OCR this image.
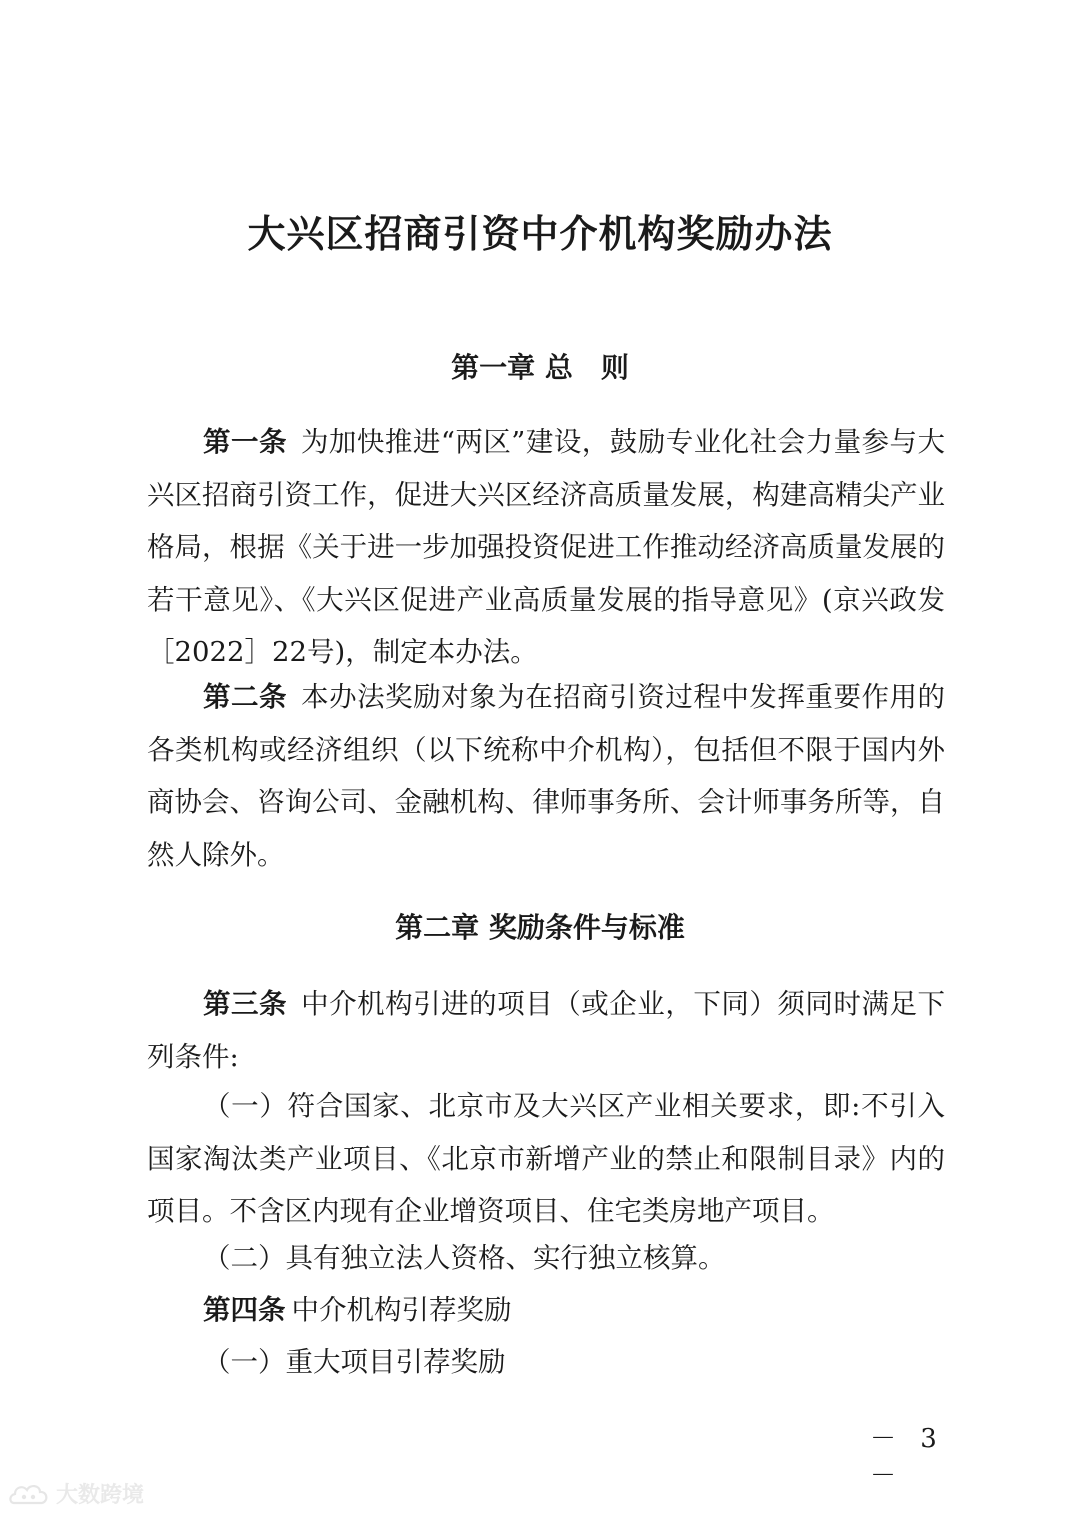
大兴区招商引资中介机构奖励办法
第一章 总　则

第一条 为加快推进“两区”建设，鼓励专业化社会力量参与大兴区招商引资工作，促进大兴区经济高质量发展，构建高精尖产业格局，根据《关于进一步加强投资促进工作推动经济高质量发展的若干意见》、《大兴区促进产业高质量发展的指导意见》(京兴政发［2022］22号)，制定本办法。

第二条 本办法奖励对象为在招商引资过程中发挥重要作用的各类机构或经济组织（以下统称中介机构），包括但不限于国内外商协会、咨询公司、金融机构、律师事务所、会计师事务所等，自然人除外。

第二章 奖励条件与标准

第三条 中介机构引进的项目（或企业，下同）须同时满足下列条件:

（一）符合国家、北京市及大兴区产业相关要求，即:不引入国家淘汰类产业项目、《北京市新增产业的禁止和限制目录》内的项目。不含区内现有企业增资项目、住宅类房地产项目。

（二）具有独立法人资格、实行独立核算。

第四条 中介机构引荐奖励

（一）重大项目引荐奖励

－ 3 －

大数跨境
